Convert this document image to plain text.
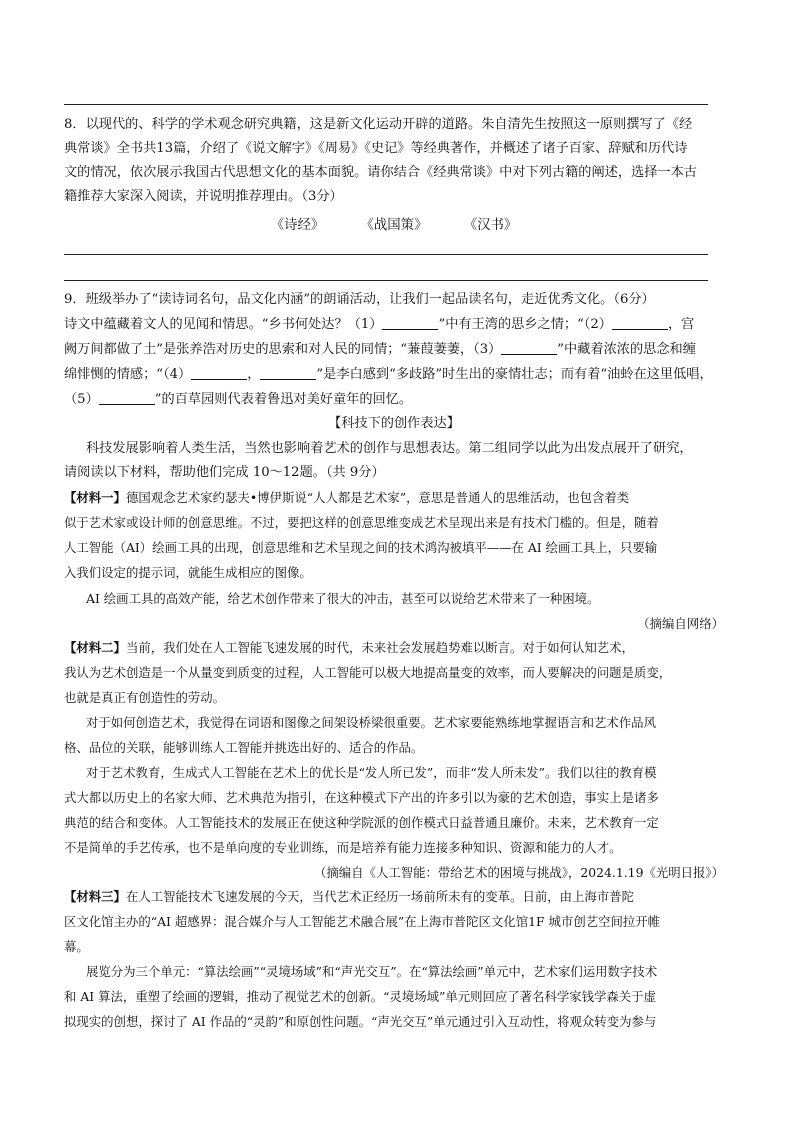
8．以现代的、科学的学术观念研究典籍，这是新文化运动开辟的道路。朱自清先生按照这一原则撰写了《经
典常谈》全书共13篇，介绍了《说文解字》《周易》《史记》等经典著作，并概述了诸子百家、辞赋和历代诗
文的情况，依次展示我国古代思想文化的基本面貌。请你结合《经典常谈》中对下列古籍的阐述，选择一本古
籍推荐大家深入阅读，并说明推荐理由。（3分）
《诗经》	《战国策》	《汉书》
9．班级举办了“读诗词名句，品文化内涵”的朗诵活动，让我们一起品读名句，走近优秀文化。（6分）
诗文中蕴藏着文人的见闻和情思。“乡书何处达？（1）	”中有王湾的思乡之情；“（2）	，宫
阙万间都做了土”是张养浩对历史的思索和对人民的同情；“蒹葭萋萋，（3）	”中藏着浓浓的思念和缠
绵悱恻的情感；“（4）	，	”是李白感到“多歧路”时生出的豪情壮志；而有着“油蛉在这里低唱，
（5）	”的百草园则代表着鲁迅对美好童年的回忆。
【科技下的创作表达】
科技发展影响着人类生活，当然也影响着艺术的创作与思想表达。第二组同学以此为出发点展开了研究，
请阅读以下材料，帮助他们完成 10～12题。（共 9分）
【材料一】德国观念艺术家约瑟夫•博伊斯说“人人都是艺术家”，意思是普通人的思维活动，也包含着类
似于艺术家或设计师的创意思维。不过，要把这样的创意思维变成艺术呈现出来是有技术门槛的。但是，随着
人工智能（AI）绘画工具的出现，创意思维和艺术呈现之间的技术鸿沟被填平——在 AI 绘画工具上，只要输
入我们设定的提示词，就能生成相应的图像。
AI 绘画工具的高效产能，给艺术创作带来了很大的冲击，甚至可以说给艺术带来了一种困境。
（摘编自网络）
【材料二】当前，我们处在人工智能飞速发展的时代，未来社会发展趋势难以断言。对于如何认知艺术，
我认为艺术创造是一个从量变到质变的过程，人工智能可以极大地提高量变的效率，而人要解决的问题是质变，
也就是真正有创造性的劳动。
对于如何创造艺术，我觉得在词语和图像之间架设桥梁很重要。艺术家要能熟练地掌握语言和艺术作品风
格、品位的关联，能够训练人工智能并挑选出好的、适合的作品。
对于艺术教育，生成式人工智能在艺术上的优长是“发人所已发”，而非“发人所未发”。我们以往的教育模
式大都以历史上的名家大师、艺术典范为指引，在这种模式下产出的许多引以为豪的艺术创造，事实上是诸多
典范的结合和变体。人工智能技术的发展正在使这种学院派的创作模式日益普通且廉价。未来，艺术教育一定
不是简单的手艺传承，也不是单向度的专业训练，而是培养有能力连接多种知识、资源和能力的人才。
（摘编自《人工智能：带给艺术的困境与挑战》，2024.1.19《光明日报》）
【材料三】在人工智能技术飞速发展的今天，当代艺术正经历一场前所未有的变革。日前，由上海市普陀
区文化馆主办的“AI 超感界：混合媒介与人工智能艺术融合展”在上海市普陀区文化馆1F 城市创艺空间拉开帷
幕。
展览分为三个单元：“算法绘画”“灵境场域”和“声光交互”。在“算法绘画”单元中，艺术家们运用数字技术
和 AI 算法，重塑了绘画的逻辑，推动了视觉艺术的创新。“灵境场域”单元则回应了著名科学家钱学森关于虚
拟现实的创想，探讨了 AI 作品的“灵韵”和原创性问题。“声光交互”单元通过引入互动性，将观众转变为参与
